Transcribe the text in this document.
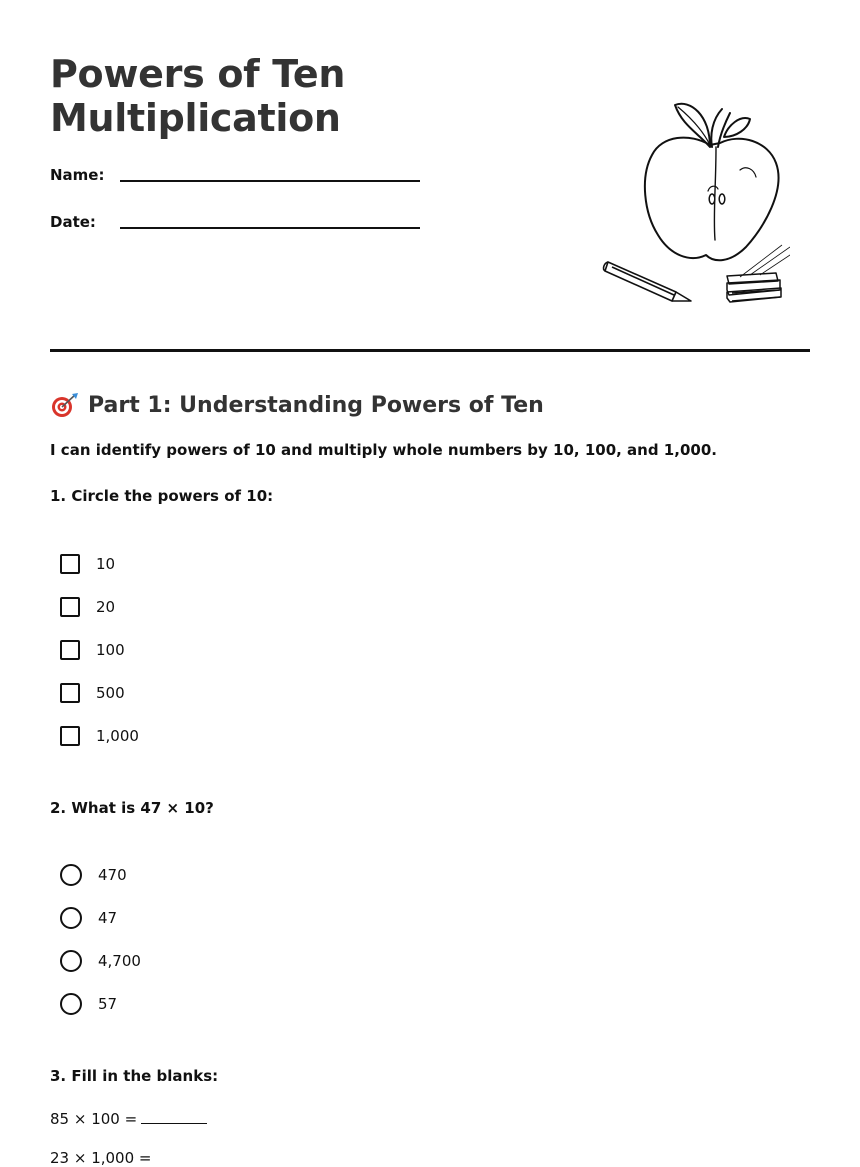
Powers of Ten
Multiplication
Name:
Date:
Part 1: Understanding Powers of Ten
I can identify powers of 10 and multiply whole numbers by 10, 100, and 1,000.
1. Circle the powers of 10:
10
20
100
500
1,000
2. What is 47 × 10?
470
47
4,700
57
3. Fill in the blanks:
85 × 100 =
23 × 1,000 =
